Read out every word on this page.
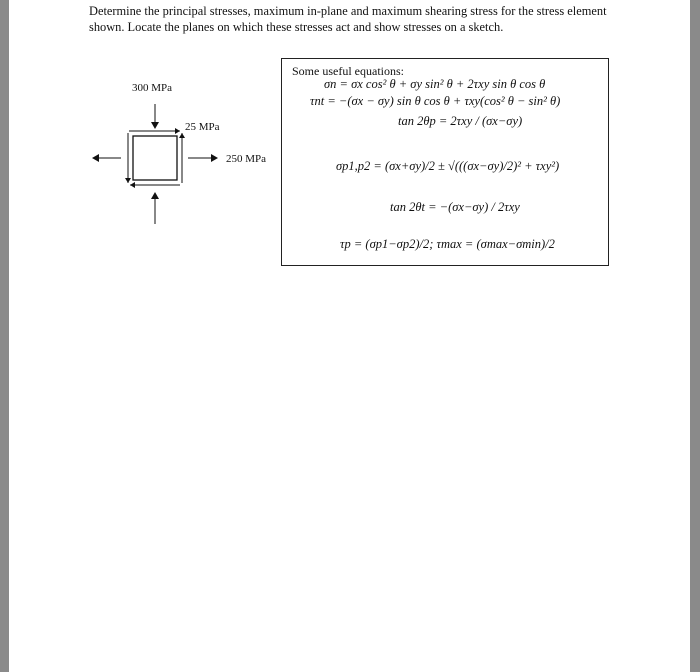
Determine the principal stresses, maximum in-plane and maximum shearing stress for the stress element shown. Locate the planes on which these stresses act and show stresses on a sketch.
300 MPa
25 MPa
250 MPa
Some useful equations:
σn = σx cos² θ + σy sin² θ + 2τxy sin θ cos θ
τnt = −(σx − σy) sin θ cos θ + τxy(cos² θ − sin² θ)
tan 2θp = 2τxy / (σx−σy)
σp1,p2 = (σx+σy)/2 ± √(((σx−σy)/2)² + τxy²)
tan 2θt = −(σx−σy) / 2τxy
τp = (σp1−σp2)/2; τmax = (σmax−σmin)/2
